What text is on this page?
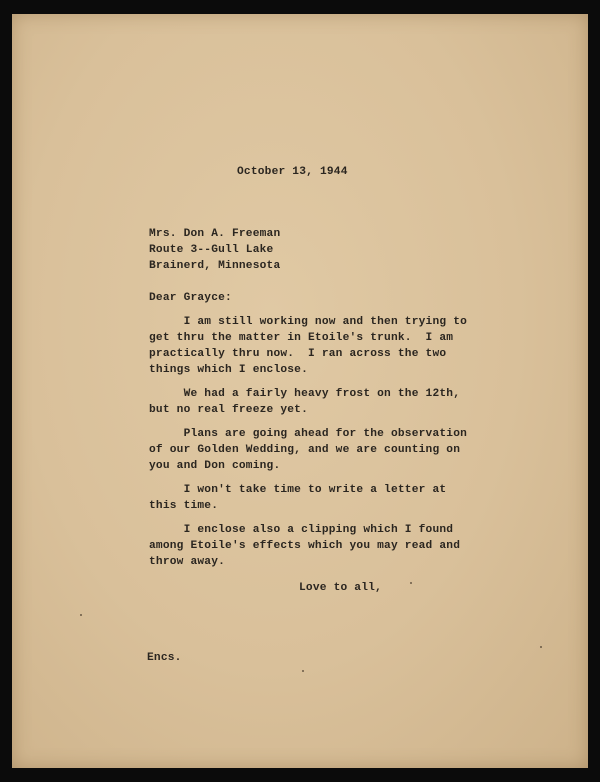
October 13, 1944
Mrs. Don A. Freeman
Route 3--Gull Lake
Brainerd, Minnesota
Dear Grayce:
I am still working now and then trying to
get thru the matter in Etoile's trunk.  I am
practically thru now.  I ran across the two
things which I enclose.
We had a fairly heavy frost on the 12th,
but no real freeze yet.
Plans are going ahead for the observation
of our Golden Wedding, and we are counting on
you and Don coming.
I won't take time to write a letter at
this time.
I enclose also a clipping which I found
among Etoile's effects which you may read and
throw away.
Love to all,
Encs.
